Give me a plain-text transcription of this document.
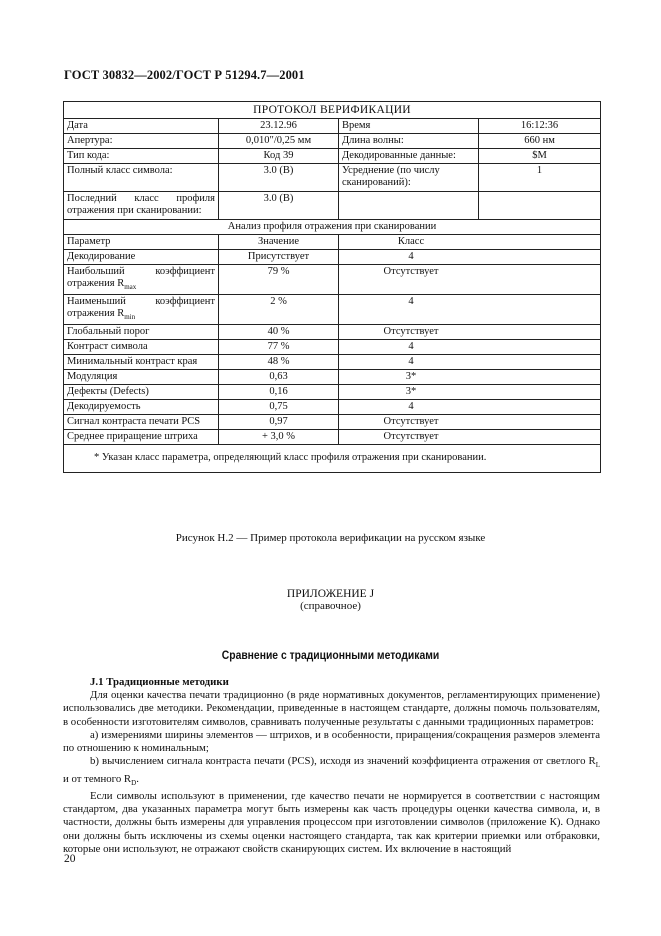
ГОСТ 30832—2002/ГОСТ Р 51294.7—2001
ПРОТОКОЛ ВЕРИФИКАЦИИ			
Дата	23.12.96	Время	16:12:36
Апертура:	0,010″/0,25 мм	Длина волны:	660 нм
Тип кода:	Код 39	Декодированные данные:	$M
Полный класс символа:	3.0 (B)	Усреднение (по числу сканирований):	1
Последний класс профиля отражения при сканировании:	3.0 (B)		
Анализ профиля отражения при сканировании			
Параметр	Значение	Класс	
Декодирование	Присутствует	4	

Наибольший коэффициент
отражения $R_{max}$	79 %	Отсутствует	

Наименьший коэффициент
отражения $R_{min}$	2 %	4	
Глобальный порог	40 %	Отсутствует	
Контраст символа	77 %	4	
Минимальный контраст края	48 %	4	
Модуляция	0,63	3*	
Дефекты (Defects)	0,16	3*	
Декодируемость	0,75	4	
Сигнал контраста печати PCS	0,97	Отсутствует	
Среднее приращение штриха	+ 3,0 %	Отсутствует	
* Указан класс параметра, определяющий класс профиля отражения при сканировании.			
Рисунок Н.2 — Пример протокола верификации на русском языке
ПРИЛОЖЕНИЕ J
(справочное)
Сравнение с традиционными методиками

J.1 Традиционные методики

Для оценки качества печати традиционно (в ряде нормативных документов, регламентирующих применение) использовались две методики. Рекомендации, приведенные в настоящем стандарте, должны помочь пользователям, в особенности изготовителям символов, сравнивать полученные результаты с данными традиционных параметров:

а) измерениями ширины элементов — штрихов, и в особенности, приращения/сокращения размеров элемента по отношению к номинальным;

b) вычислением сигнала контраста печати (PCS), исходя из значений коэффициента отражения от светлого $R_L$ и от темного $R_D$.

Если символы используют в применении, где качество печати не нормируется в соответствии с настоящим стандартом, два указанных параметра могут быть измерены как часть процедуры оценки качества символа, и, в частности, должны быть измерены для управления процессом при изготовлении символов (приложение К). Однако они должны быть исключены из схемы оценки настоящего стандарта, так как критерии приемки или отбраковки, которые они используют, не отражают свойств сканирующих систем. Их включение в настоящий

20
